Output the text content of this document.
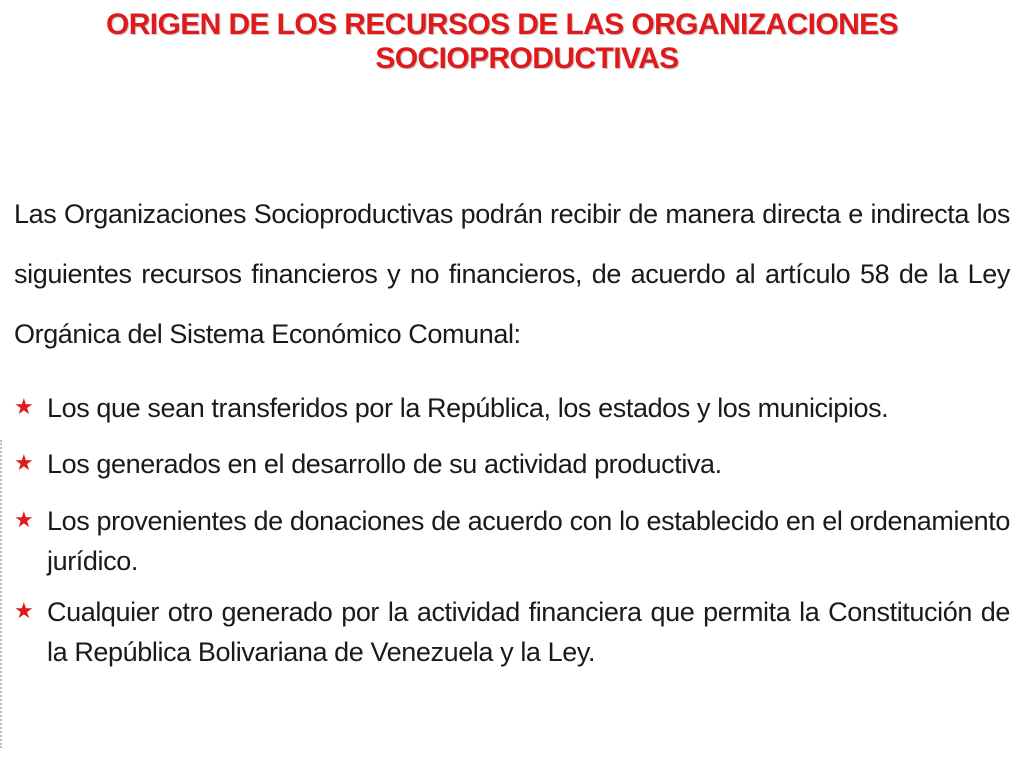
ORIGEN DE LOS RECURSOS DE LAS ORGANIZACIONES
SOCIOPRODUCTIVAS

Las Organizaciones Socioproductivas podrán recibir de manera directa e indirecta los siguientes recursos financieros y no financieros, de acuerdo al artículo 58 de la Ley Orgánica del Sistema Económico Comunal:

★ Los que sean transferidos por la República, los estados y los municipios.
★ Los generados en el desarrollo de su actividad productiva.
★ Los provenientes de donaciones de acuerdo con lo establecido en el ordenamiento jurídico.
★ Cualquier otro generado por la actividad financiera que permita la Constitución de la República Bolivariana de Venezuela y la Ley.
